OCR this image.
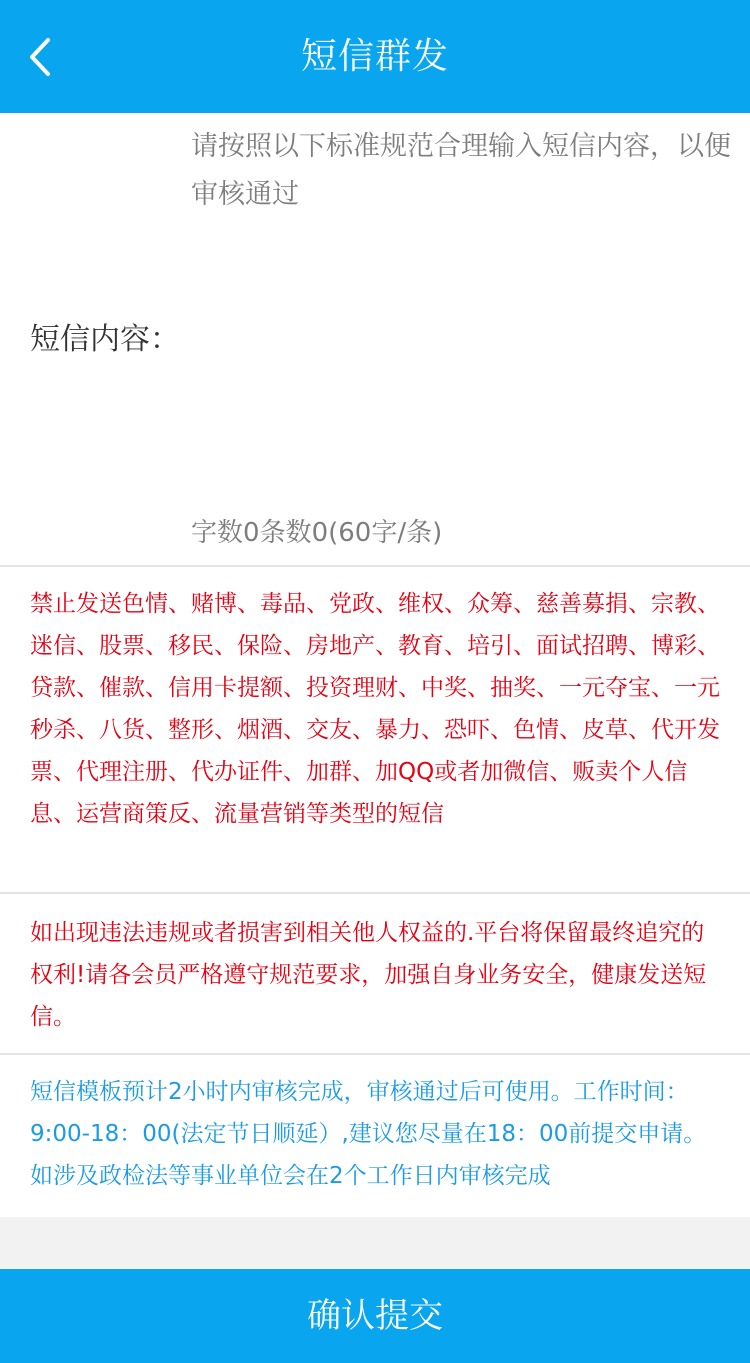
短信群发
请按照以下标准规范合理输入短信内容，以便审核通过
短信内容：
字数 0 条数 0 (60字/条)

禁止发送色情、赌博、毒品、党政、维权、众筹、慈善募捐、宗教、迷信、股票、移民、保险、房地产、教育、培引、面试招聘、博彩、贷款、催款、信用卡提额、投资理财、中奖、抽奖、一元夺宝、一元秒杀、八货、整形、烟酒、交友、暴力、恐吓、色情、皮草、代开发票、代理注册、代办证件、加群、加QQ或者加微信、贩卖个人信息、运营商策反、流量营销等类型的短信

如出现违法违规或者损害到相关他人权益的.平台将保留最终追究的权利!请各会员严格遵守规范要求，加强自身业务安全，健康发送短信。

短信模板预计2小时内审核完成，审核通过后可使用。工作时间：9:00-18：00(法定节日顺延）,建议您尽量在18：00前提交申请。如涉及政检法等事业单位会在2个工作日内审核完成

确认提交
